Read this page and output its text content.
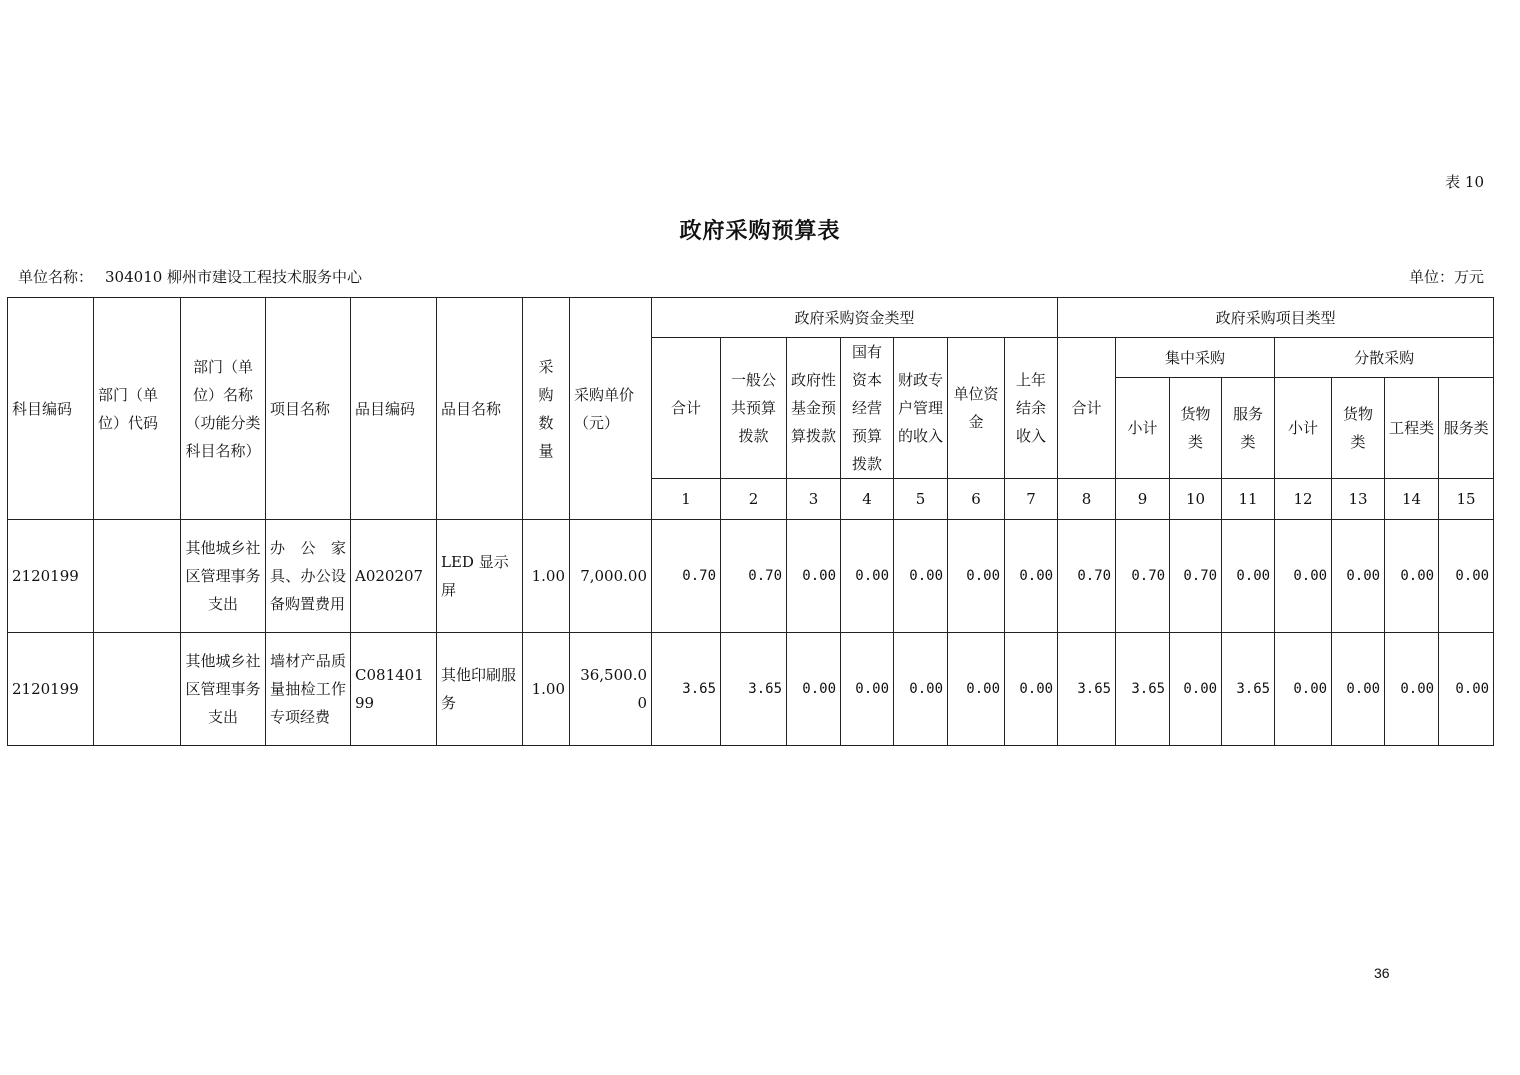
表 10
政府采购预算表
单位名称： 304010 柳州市建设工程技术服务中心	单位：万元
科目编码	部门（单位）代码	部门（单位）名称（功能分类科目名称）	项目名称	品目编码	品目名称	采购数量	采购单价（元）	政府采购资金类型							政府采购项目类型							
								合计	一般公共预算拨款	政府性基金预算拨款	国有资本经营预算拨款	财政专户管理的收入	单位资金	上年结余收入	合计	集中采购			分散采购			
																小计	货物类	服务类	小计	货物类	工程类	服务类
								1	2	3	4	5	6	7	8	9	10	11	12	13	14	15
2120199		其他城乡社区管理事务支出	办 公 家具、办公设备购置费用	A020207	LED 显示屏	1.00	7,000.00	0.70	0.70	0.00	0.00	0.00	0.00	0.00	0.70	0.70	0.70	0.00	0.00	0.00	0.00	0.00
2120199		其他城乡社区管理事务支出	墙材产品质量抽检工作专项经费	C08140199	其他印刷服务	1.00	36,500.00	3.65	3.65	0.00	0.00	0.00	0.00	0.00	3.65	3.65	0.00	3.65	0.00	0.00	0.00	0.00
36
